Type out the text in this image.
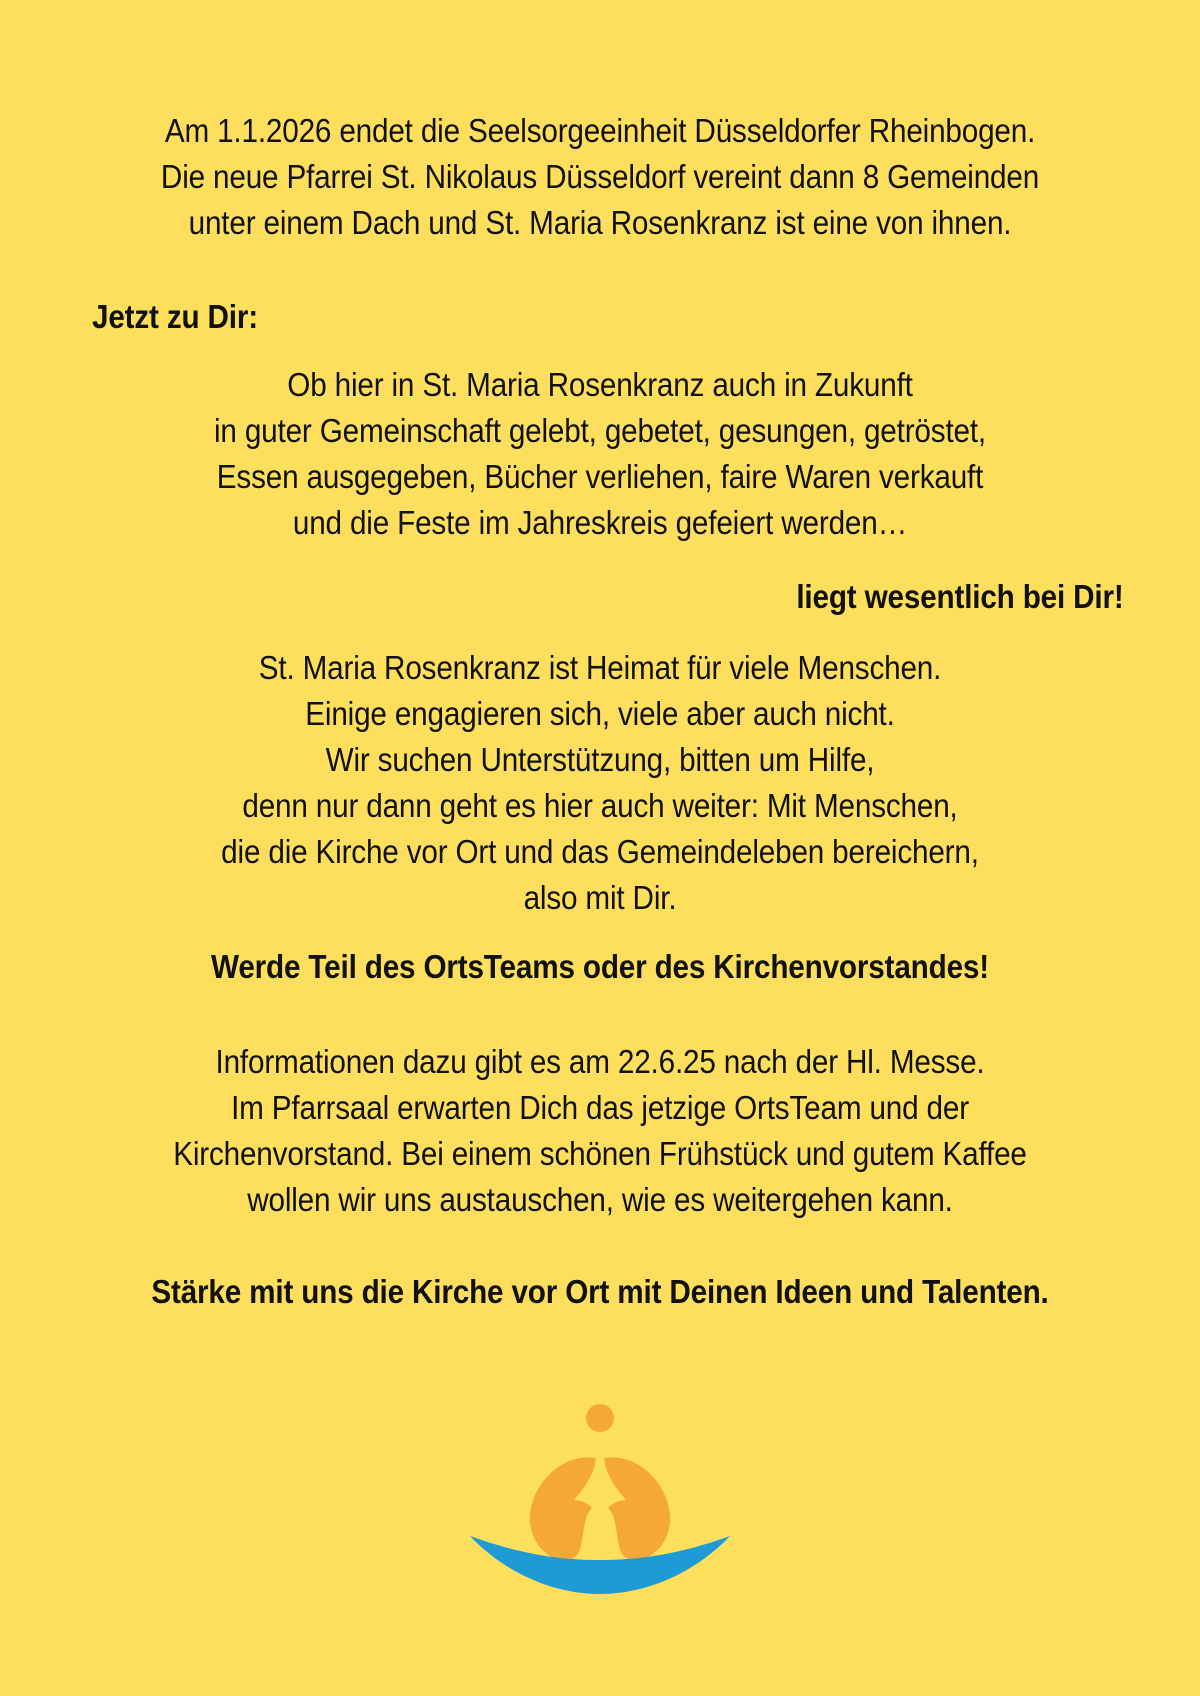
Am 1.1.2026 endet die Seelsorgeeinheit Düsseldorfer Rheinbogen.
Die neue Pfarrei St. Nikolaus Düsseldorf vereint dann 8 Gemeinden
unter einem Dach und St. Maria Rosenkranz ist eine von ihnen.

Jetzt zu Dir:

Ob hier in St. Maria Rosenkranz auch in Zukunft
in guter Gemeinschaft gelebt, gebetet, gesungen, getröstet,
Essen ausgegeben, Bücher verliehen, faire Waren verkauft
und die Feste im Jahreskreis gefeiert werden…

liegt wesentlich bei Dir!

St. Maria Rosenkranz ist Heimat für viele Menschen.
Einige engagieren sich, viele aber auch nicht.
Wir suchen Unterstützung, bitten um Hilfe,
denn nur dann geht es hier auch weiter: Mit Menschen,
die die Kirche vor Ort und das Gemeindeleben bereichern,
also mit Dir.

Werde Teil des OrtsTeams oder des Kirchenvorstandes!

Informationen dazu gibt es am 22.6.25 nach der Hl. Messe.
Im Pfarrsaal erwarten Dich das jetzige OrtsTeam und der
Kirchenvorstand. Bei einem schönen Frühstück und gutem Kaffee
wollen wir uns austauschen, wie es weitergehen kann.

Stärke mit uns die Kirche vor Ort mit Deinen Ideen und Talenten.
